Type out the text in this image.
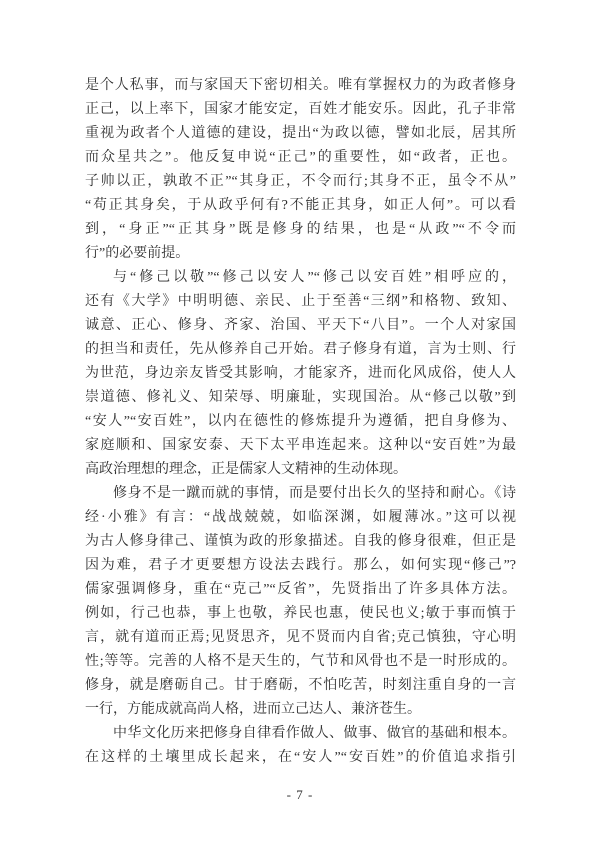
是个人私事，而与家国天下密切相关。唯有掌握权力的为政者修身
正己，以上率下，国家才能安定，百姓才能安乐。因此，孔子非常
重视为政者个人道德的建设，提出“为政以德，譬如北辰，居其所
而众星共之”。他反复申说“正己”的重要性，如“政者，正也。
子帅以正，孰敢不正”“其身正，不令而行;其身不正，虽令不从”
“苟正其身矣，于从政乎何有?不能正其身，如正人何”。可以看
到，“身正”“正其身”既是修身的结果，也是“从政”“不令而
行”的必要前提。
与“修己以敬”“修己以安人”“修己以安百姓”相呼应的，
还有《大学》中明明德、亲民、止于至善“三纲”和格物、致知、
诚意、正心、修身、齐家、治国、平天下“八目”。一个人对家国
的担当和责任，先从修养自己开始。君子修身有道，言为士则、行
为世范，身边亲友皆受其影响，才能家齐，进而化风成俗，使人人
崇道德、修礼义、知荣辱、明廉耻，实现国治。从“修己以敬”到
“安人”“安百姓”，以内在德性的修炼提升为遵循，把自身修为、
家庭顺和、国家安泰、天下太平串连起来。这种以“安百姓”为最
高政治理想的理念，正是儒家人文精神的生动体现。
修身不是一蹴而就的事情，而是要付出长久的坚持和耐心。《诗
经·小雅》有言：“战战兢兢，如临深渊，如履薄冰。”这可以视
为古人修身律己、谨慎为政的形象描述。自我的修身很难，但正是
因为难，君子才更要想方设法去践行。那么，如何实现“修己”?
儒家强调修身，重在“克己”“反省”，先贤指出了许多具体方法。
例如，行己也恭，事上也敬，养民也惠，使民也义;敏于事而慎于
言，就有道而正焉;见贤思齐，见不贤而内自省;克己慎独，守心明
性;等等。完善的人格不是天生的，气节和风骨也不是一时形成的。
修身，就是磨砺自己。甘于磨砺，不怕吃苦，时刻注重自身的一言
一行，方能成就高尚人格，进而立己达人、兼济苍生。
中华文化历来把修身自律看作做人、做事、做官的基础和根本。
在这样的土壤里成长起来，在“安人”“安百姓”的价值追求指引
- 7 -
